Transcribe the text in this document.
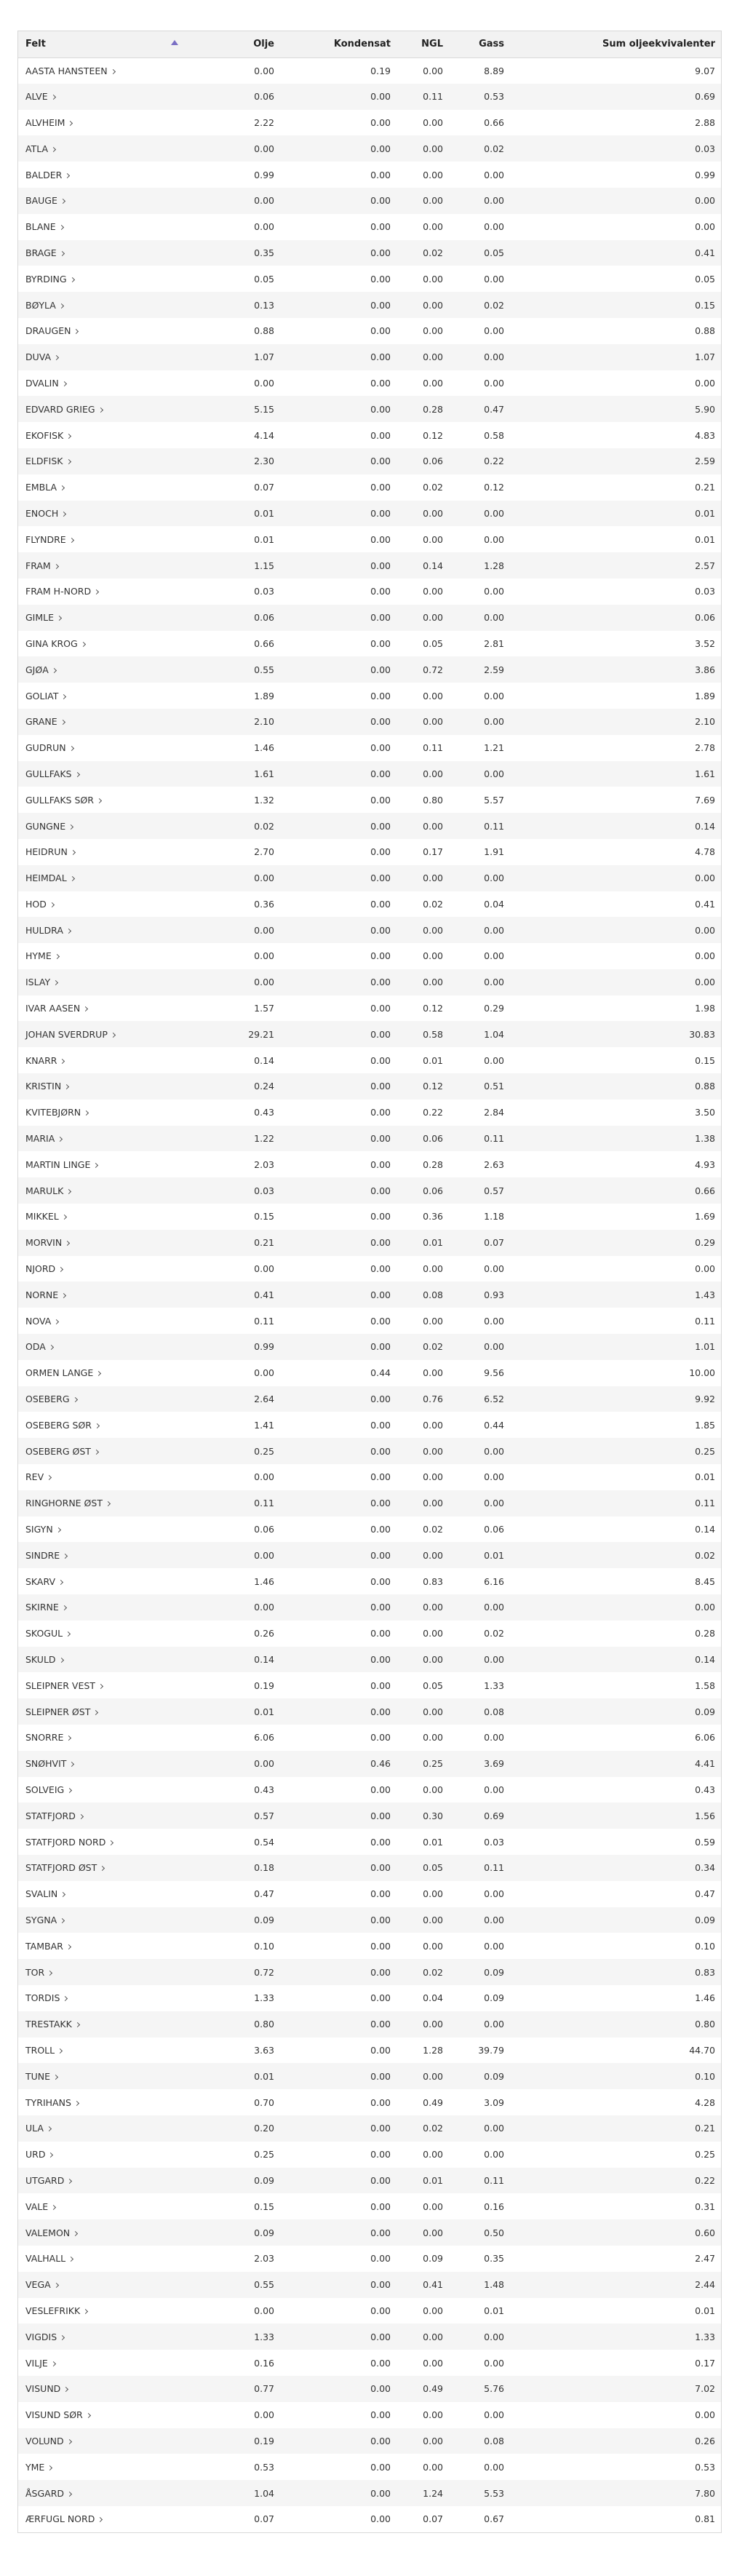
Felt	Olje	Kondensat	NGL	Gass	Sum oljeekvivalenter
AASTA HANSTEEN	0.00	0.19	0.00	8.89	9.07
ALVE	0.06	0.00	0.11	0.53	0.69
ALVHEIM	2.22	0.00	0.00	0.66	2.88
ATLA	0.00	0.00	0.00	0.02	0.03
BALDER	0.99	0.00	0.00	0.00	0.99
BAUGE	0.00	0.00	0.00	0.00	0.00
BLANE	0.00	0.00	0.00	0.00	0.00
BRAGE	0.35	0.00	0.02	0.05	0.41
BYRDING	0.05	0.00	0.00	0.00	0.05
BØYLA	0.13	0.00	0.00	0.02	0.15
DRAUGEN	0.88	0.00	0.00	0.00	0.88
DUVA	1.07	0.00	0.00	0.00	1.07
DVALIN	0.00	0.00	0.00	0.00	0.00
EDVARD GRIEG	5.15	0.00	0.28	0.47	5.90
EKOFISK	4.14	0.00	0.12	0.58	4.83
ELDFISK	2.30	0.00	0.06	0.22	2.59
EMBLA	0.07	0.00	0.02	0.12	0.21
ENOCH	0.01	0.00	0.00	0.00	0.01
FLYNDRE	0.01	0.00	0.00	0.00	0.01
FRAM	1.15	0.00	0.14	1.28	2.57
FRAM H-NORD	0.03	0.00	0.00	0.00	0.03
GIMLE	0.06	0.00	0.00	0.00	0.06
GINA KROG	0.66	0.00	0.05	2.81	3.52
GJØA	0.55	0.00	0.72	2.59	3.86
GOLIAT	1.89	0.00	0.00	0.00	1.89
GRANE	2.10	0.00	0.00	0.00	2.10
GUDRUN	1.46	0.00	0.11	1.21	2.78
GULLFAKS	1.61	0.00	0.00	0.00	1.61
GULLFAKS SØR	1.32	0.00	0.80	5.57	7.69
GUNGNE	0.02	0.00	0.00	0.11	0.14
HEIDRUN	2.70	0.00	0.17	1.91	4.78
HEIMDAL	0.00	0.00	0.00	0.00	0.00
HOD	0.36	0.00	0.02	0.04	0.41
HULDRA	0.00	0.00	0.00	0.00	0.00
HYME	0.00	0.00	0.00	0.00	0.00
ISLAY	0.00	0.00	0.00	0.00	0.00
IVAR AASEN	1.57	0.00	0.12	0.29	1.98
JOHAN SVERDRUP	29.21	0.00	0.58	1.04	30.83
KNARR	0.14	0.00	0.01	0.00	0.15
KRISTIN	0.24	0.00	0.12	0.51	0.88
KVITEBJØRN	0.43	0.00	0.22	2.84	3.50
MARIA	1.22	0.00	0.06	0.11	1.38
MARTIN LINGE	2.03	0.00	0.28	2.63	4.93
MARULK	0.03	0.00	0.06	0.57	0.66
MIKKEL	0.15	0.00	0.36	1.18	1.69
MORVIN	0.21	0.00	0.01	0.07	0.29
NJORD	0.00	0.00	0.00	0.00	0.00
NORNE	0.41	0.00	0.08	0.93	1.43
NOVA	0.11	0.00	0.00	0.00	0.11
ODA	0.99	0.00	0.02	0.00	1.01
ORMEN LANGE	0.00	0.44	0.00	9.56	10.00
OSEBERG	2.64	0.00	0.76	6.52	9.92
OSEBERG SØR	1.41	0.00	0.00	0.44	1.85
OSEBERG ØST	0.25	0.00	0.00	0.00	0.25
REV	0.00	0.00	0.00	0.00	0.01
RINGHORNE ØST	0.11	0.00	0.00	0.00	0.11
SIGYN	0.06	0.00	0.02	0.06	0.14
SINDRE	0.00	0.00	0.00	0.01	0.02
SKARV	1.46	0.00	0.83	6.16	8.45
SKIRNE	0.00	0.00	0.00	0.00	0.00
SKOGUL	0.26	0.00	0.00	0.02	0.28
SKULD	0.14	0.00	0.00	0.00	0.14
SLEIPNER VEST	0.19	0.00	0.05	1.33	1.58
SLEIPNER ØST	0.01	0.00	0.00	0.08	0.09
SNORRE	6.06	0.00	0.00	0.00	6.06
SNØHVIT	0.00	0.46	0.25	3.69	4.41
SOLVEIG	0.43	0.00	0.00	0.00	0.43
STATFJORD	0.57	0.00	0.30	0.69	1.56
STATFJORD NORD	0.54	0.00	0.01	0.03	0.59
STATFJORD ØST	0.18	0.00	0.05	0.11	0.34
SVALIN	0.47	0.00	0.00	0.00	0.47
SYGNA	0.09	0.00	0.00	0.00	0.09
TAMBAR	0.10	0.00	0.00	0.00	0.10
TOR	0.72	0.00	0.02	0.09	0.83
TORDIS	1.33	0.00	0.04	0.09	1.46
TRESTAKK	0.80	0.00	0.00	0.00	0.80
TROLL	3.63	0.00	1.28	39.79	44.70
TUNE	0.01	0.00	0.00	0.09	0.10
TYRIHANS	0.70	0.00	0.49	3.09	4.28
ULA	0.20	0.00	0.02	0.00	0.21
URD	0.25	0.00	0.00	0.00	0.25
UTGARD	0.09	0.00	0.01	0.11	0.22
VALE	0.15	0.00	0.00	0.16	0.31
VALEMON	0.09	0.00	0.00	0.50	0.60
VALHALL	2.03	0.00	0.09	0.35	2.47
VEGA	0.55	0.00	0.41	1.48	2.44
VESLEFRIKK	0.00	0.00	0.00	0.01	0.01
VIGDIS	1.33	0.00	0.00	0.00	1.33
VILJE	0.16	0.00	0.00	0.00	0.17
VISUND	0.77	0.00	0.49	5.76	7.02
VISUND SØR	0.00	0.00	0.00	0.00	0.00
VOLUND	0.19	0.00	0.00	0.08	0.26
YME	0.53	0.00	0.00	0.00	0.53
ÅSGARD	1.04	0.00	1.24	5.53	7.80
ÆRFUGL NORD	0.07	0.00	0.07	0.67	0.81
